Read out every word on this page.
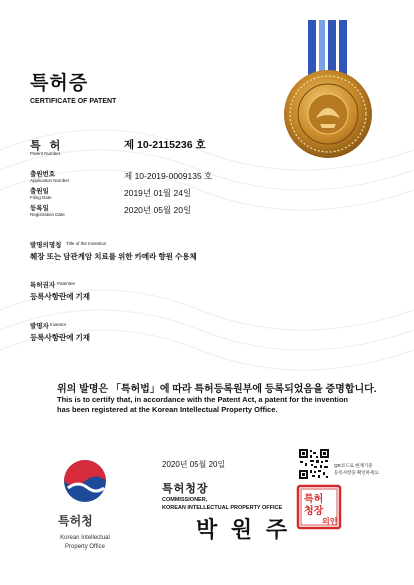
특허증
CERTIFICATE OF PATENT
특 허
Patent Number
제 10-2115236 호
출원번호
Application Number	제 10-2019-0009135 호
출원일
Filing Date	2019년 01월 24일
등록일
Registration Date	2020년 05월 20일
발명의명칭 Title of the Invention
췌장 또는 담관계암 치료를 위한 카메라 향원 수용체
특허권자 Patentee
등록사항란에 기재
발명자 Inventor
등록사항란에 기재
위의 발명은 「특허법」에 따라 특허등록원부에 등록되었음을 증명합니다.
This is to certify that, in accordance with the Patent Act, a patent for the invention
has been registered at the Korean Intellectual Property Office.
특허청
Korean Intellectual
Property Office
2020년 05월 20일
특허청장
COMMISSIONER,
KOREAN INTELLECTUAL PROPERTY OFFICE
박 원 주
QR코드로 현재기준
등록사항을 확인하세요
특허
청장
의인
